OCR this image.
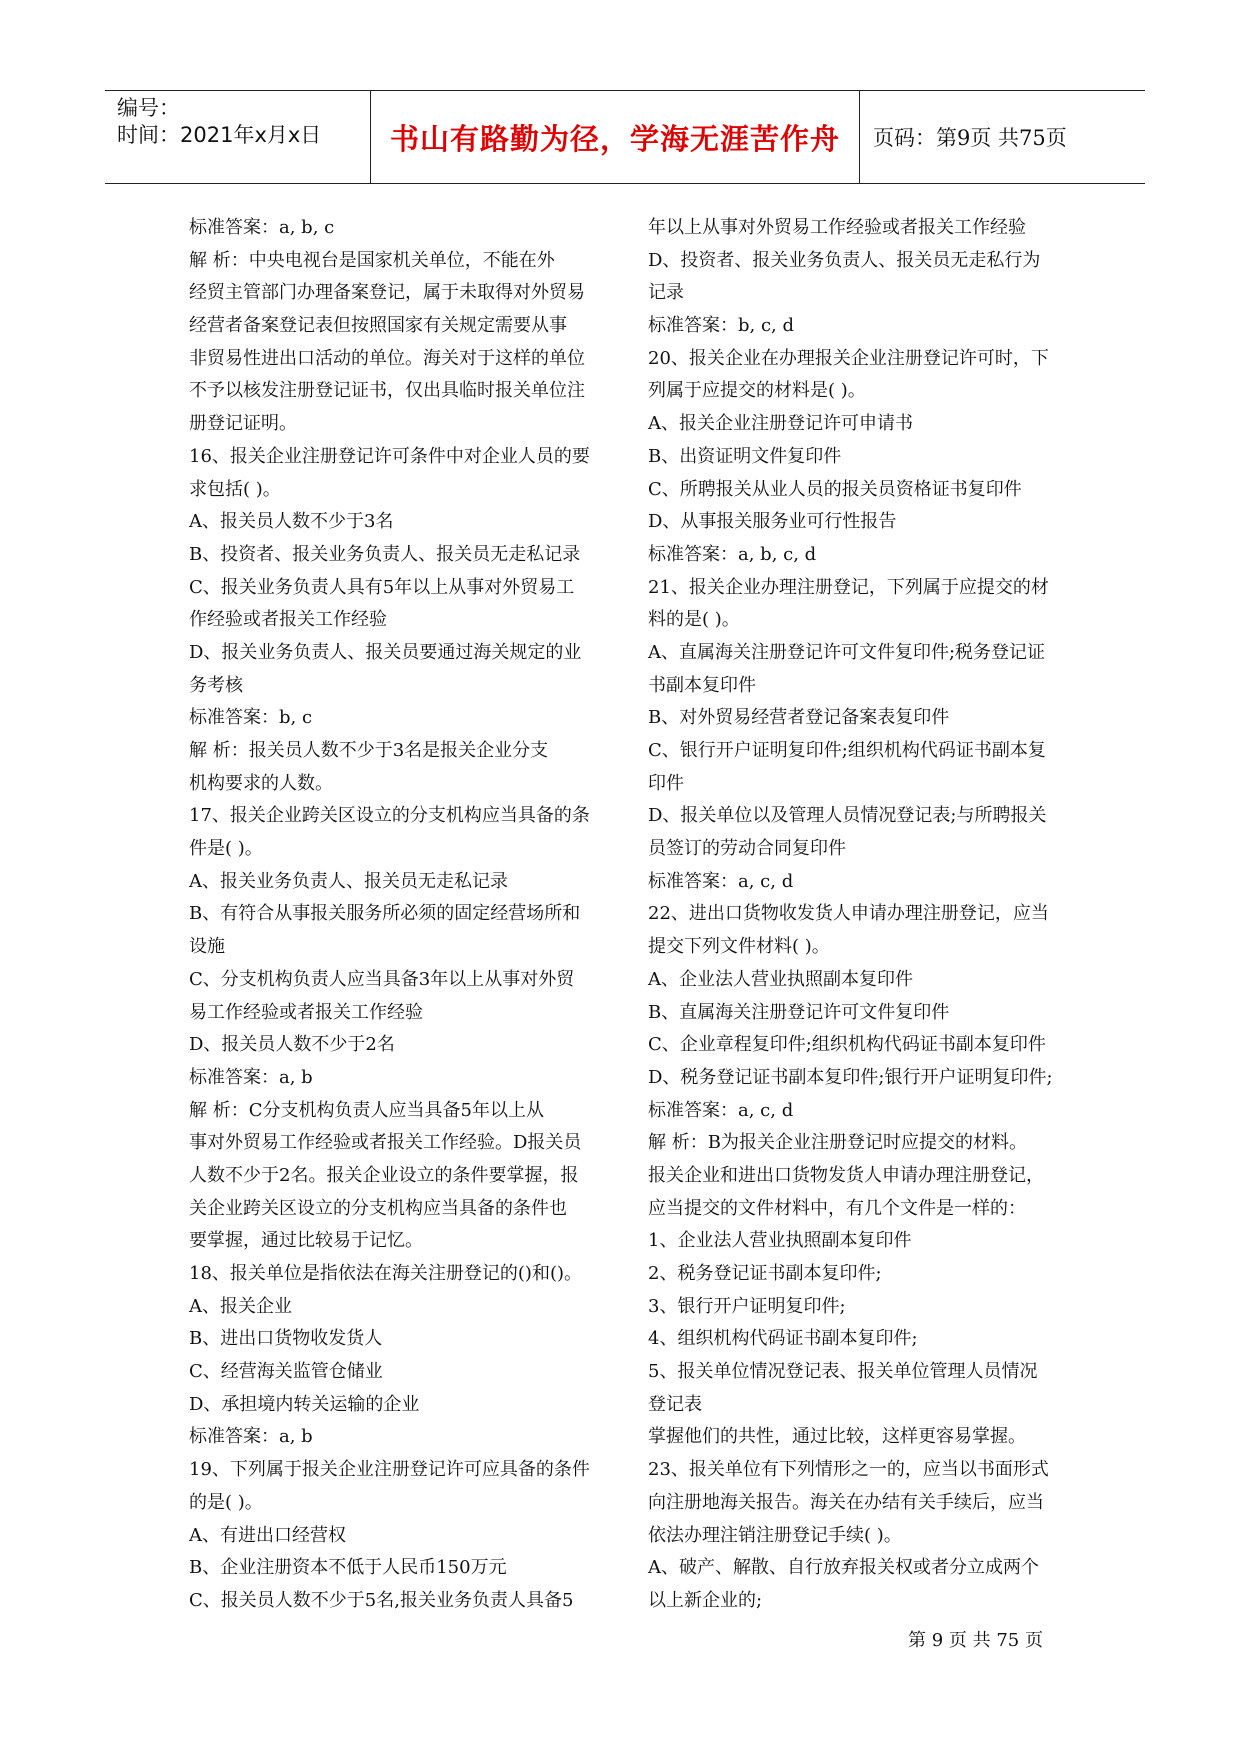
编号：
时间：2021年x月x日	书山有路勤为径，学海无涯苦作舟	页码：第9页 共75页
标准答案：a, b, c
解 析：中央电视台是国家机关单位，不能在外
经贸主管部门办理备案登记，属于未取得对外贸易
经营者备案登记表但按照国家有关规定需要从事
非贸易性进出口活动的单位。海关对于这样的单位
不予以核发注册登记证书，仅出具临时报关单位注
册登记证明。
16、报关企业注册登记许可条件中对企业人员的要
求包括( )。
A、报关员人数不少于3名
B、投资者、报关业务负责人、报关员无走私记录
C、报关业务负责人具有5年以上从事对外贸易工
作经验或者报关工作经验
D、报关业务负责人、报关员要通过海关规定的业
务考核
标准答案：b, c
解 析：报关员人数不少于3名是报关企业分支
机构要求的人数。
17、报关企业跨关区设立的分支机构应当具备的条
件是( )。
A、报关业务负责人、报关员无走私记录
B、有符合从事报关服务所必须的固定经营场所和
设施
C、分支机构负责人应当具备3年以上从事对外贸
易工作经验或者报关工作经验
D、报关员人数不少于2名
标准答案：a, b
解 析：C分支机构负责人应当具备5年以上从
事对外贸易工作经验或者报关工作经验。D报关员
人数不少于2名。报关企业设立的条件要掌握，报
关企业跨关区设立的分支机构应当具备的条件也
要掌握，通过比较易于记忆。
18、报关单位是指依法在海关注册登记的()和()。
A、报关企业
B、进出口货物收发货人
C、经营海关监管仓储业
D、承担境内转关运输的企业
标准答案：a, b
19、下列属于报关企业注册登记许可应具备的条件
的是( )。
A、有进出口经营权
B、企业注册资本不低于人民币150万元
C、报关员人数不少于5名,报关业务负责人具备5
年以上从事对外贸易工作经验或者报关工作经验
D、投资者、报关业务负责人、报关员无走私行为
记录
标准答案：b, c, d
20、报关企业在办理报关企业注册登记许可时，下
列属于应提交的材料是( )。
A、报关企业注册登记许可申请书
B、出资证明文件复印件
C、所聘报关从业人员的报关员资格证书复印件
D、从事报关服务业可行性报告
标准答案：a, b, c, d
21、报关企业办理注册登记，下列属于应提交的材
料的是( )。
A、直属海关注册登记许可文件复印件;税务登记证
书副本复印件
B、对外贸易经营者登记备案表复印件
C、银行开户证明复印件;组织机构代码证书副本复
印件
D、报关单位以及管理人员情况登记表;与所聘报关
员签订的劳动合同复印件
标准答案：a, c, d
22、进出口货物收发货人申请办理注册登记，应当
提交下列文件材料( )。
A、企业法人营业执照副本复印件
B、直属海关注册登记许可文件复印件
C、企业章程复印件;组织机构代码证书副本复印件
D、税务登记证书副本复印件;银行开户证明复印件;
标准答案：a, c, d
解 析：B为报关企业注册登记时应提交的材料。
报关企业和进出口货物发货人申请办理注册登记，
应当提交的文件材料中，有几个文件是一样的：
1、企业法人营业执照副本复印件
2、税务登记证书副本复印件;
3、银行开户证明复印件;
4、组织机构代码证书副本复印件;
5、报关单位情况登记表、报关单位管理人员情况
登记表
掌握他们的共性，通过比较，这样更容易掌握。
23、报关单位有下列情形之一的，应当以书面形式
向注册地海关报告。海关在办结有关手续后，应当
依法办理注销注册登记手续( )。
A、破产、解散、自行放弃报关权或者分立成两个
以上新企业的;
第 9 页 共 75 页
